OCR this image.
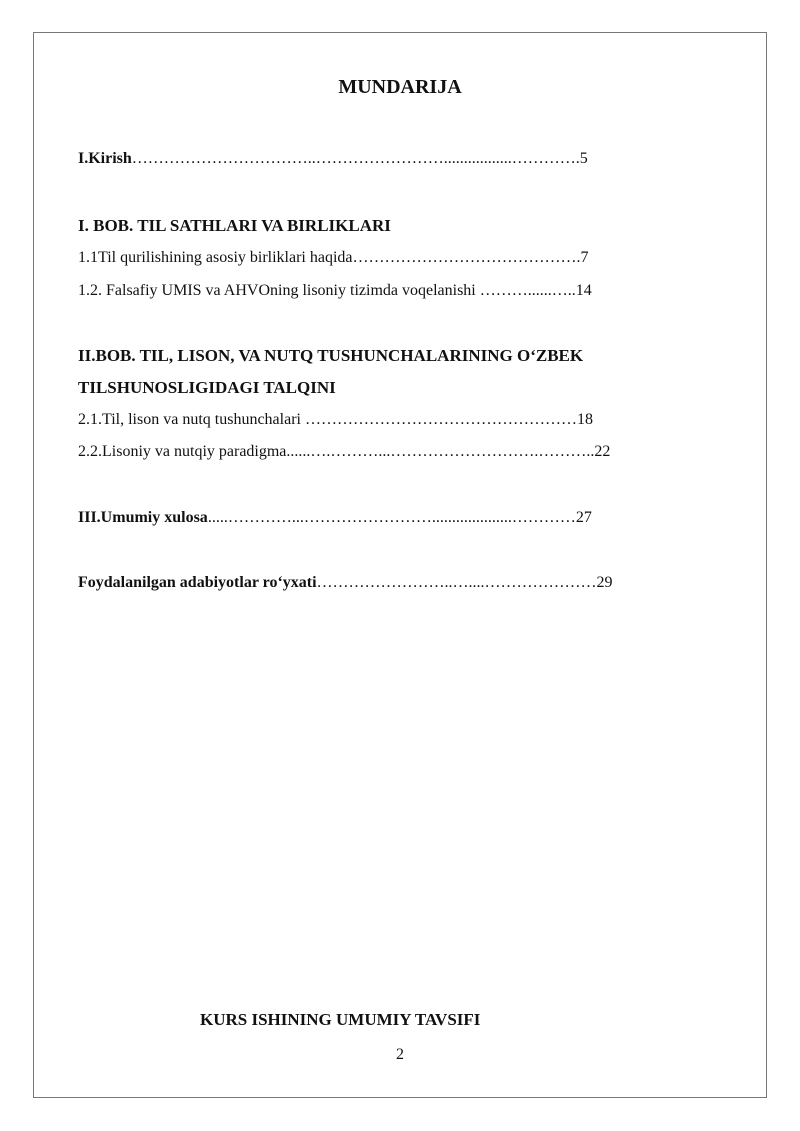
MUNDARIJA
I.Kirish……………………………..…………………….................………….5
I. BOB. TIL SATHLARI VA BIRLIKLARI
1.1Til qurilishining asosiy birliklari haqida…………………………………….7
1.2. Falsafiy UMIS va AHVOning lisoniy tizimda voqelanishi ………......…..14
II.BOB. TIL, LISON, VA NUTQ TUSHUNCHALARINING O‘ZBEK
TILSHUNOSLIGIDAGI TALQINI
2.1.Til, lison va nutq tushunchalari ……………………………………………18
2.2.Lisoniy va nutqiy paradigma......….………...……………………….………..22
III.Umumiy xulosa.....…………...……………………....................…………27
Foydalanilgan adabiyotlar ro‘yxati……………………..…....…………………29
KURS ISHINING UMUMIY TAVSIFI
2
